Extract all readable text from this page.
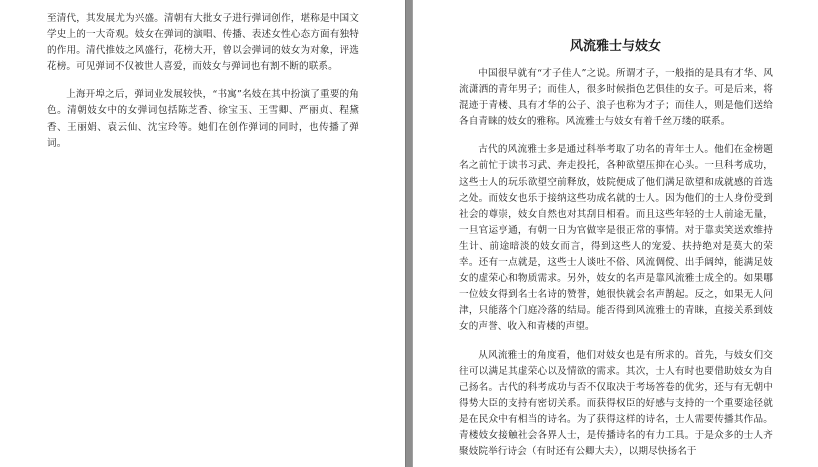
至清代，其发展尤为兴盛。清朝有大批女子进行弹词创作，堪称是中国文学史上的一大奇观。妓女在弹词的演唱、传播、表述女性心态方面有独特的作用。清代推妓之风盛行，花榜大开，曾以会弹词的妓女为对象，评选花榜。可见弹词不仅被世人喜爱，而妓女与弹词也有割不断的联系。

上海开埠之后，弹词业发展较快，“书寓”名妓在其中扮演了重要的角色。清朝妓女中的女弹词包括陈芝香、徐宝玉、王雪卿、严丽贞、程黛香、王丽娟、袁云仙、沈宝玲等。她们在创作弹词的同时，也传播了弹词。

风流雅士与妓女

中国很早就有“才子佳人”之说。所谓才子，一般指的是具有才华、风流潇洒的青年男子；而佳人，很多时候指色艺俱佳的女子。可是后来，将混迹于青楼、具有才华的公子、浪子也称为才子；而佳人，则是他们送给各自青睐的妓女的雅称。风流雅士与妓女有着千丝万缕的联系。

古代的风流雅士多是通过科举考取了功名的青年士人。他们在金榜题名之前忙于读书习武、奔走投托，各种欲望压抑在心头。一旦科考成功，这些士人的玩乐欲望空前释放，妓院便成了他们满足欲望和成就感的首选之处。而妓女也乐于接纳这些功成名就的士人。因为他们的士人身份受到社会的尊崇，妓女自然也对其刮目相看。而且这些年轻的士人前途无量，一旦官运亨通，有朝一日为官做宰是很正常的事情。对于靠卖笑送欢维持生计、前途暗淡的妓女而言，得到这些人的宠爱、扶持绝对是莫大的荣幸。还有一点就是，这些士人谈吐不俗、风流倜傥、出手阔绰，能满足妓女的虚荣心和物质需求。另外，妓女的名声是靠风流雅士成全的。如果哪一位妓女得到名士名诗的赞誉，她很快就会名声鹊起。反之，如果无人问津，只能落个门庭冷落的结局。能否得到风流雅士的青睐，直接关系到妓女的声誉、收入和青楼的声望。

从风流雅士的角度看，他们对妓女也是有所求的。首先，与妓女们交往可以满足其虚荣心以及情欲的需求。其次，士人有时也要借助妓女为自己扬名。古代的科考成功与否不仅取决于考场答卷的优劣，还与有无朝中得势大臣的支持有密切关系。而获得权臣的好感与支持的一个重要途径就是在民众中有相当的诗名。为了获得这样的诗名，士人需要传播其作品。青楼妓女接触社会各界人士，是传播诗名的有力工具。于是众多的士人齐聚妓院举行诗会（有时还有公卿大夫），以期尽快扬名于
